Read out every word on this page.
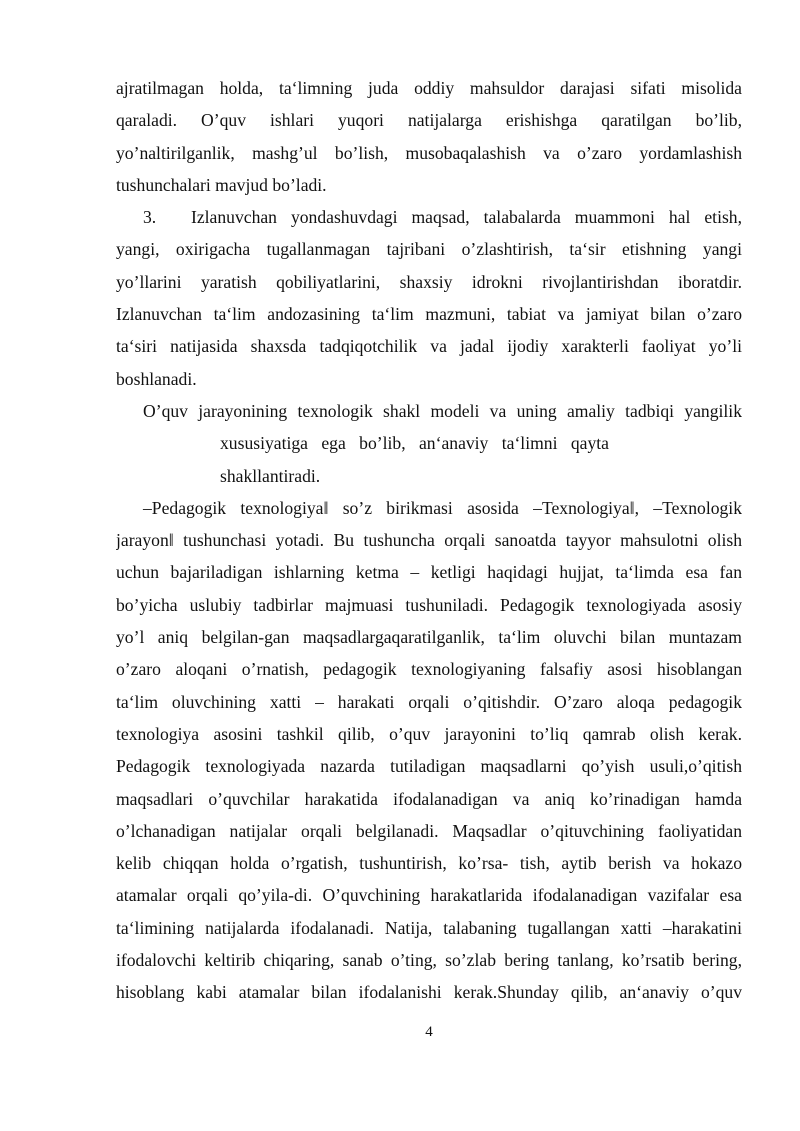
ajratilmagan holda, ta‘limning juda oddiy mahsuldor darajasi sifati misolida
qaraladi. O’quv ishlari yuqori natijalarga erishishga qaratilgan bo’lib,
yo’naltirilganlik, mashg’ul bo’lish, musobaqalashish va o’zaro yordamlashish
tushunchalari mavjud bo’ladi.
3. Izlanuvchan yondashuvdagi maqsad, talabalarda muammoni hal etish,
yangi, oxirigacha tugallanmagan tajribani o’zlashtirish, ta‘sir etishning yangi
yo’llarini yaratish qobiliyatlarini, shaxsiy idrokni rivojlantirishdan iboratdir.
Izlanuvchan ta‘lim andozasining ta‘lim mazmuni, tabiat va jamiyat bilan o’zaro
ta‘siri natijasida shaxsda tadqiqotchilik va jadal ijodiy xarakterli faoliyat yo’li
boshlanadi.
O’quv jarayonining texnologik shakl modeli va uning amaliy tadbiqi yangilik
xususiyatiga ega bo’lib, an‘anaviy ta‘limni qayta
shakllantiradi.
–Pedagogik texnologiya‖ so’z birikmasi asosida –Texnologiya‖, –Texnologik
jarayon‖ tushunchasi yotadi. Bu tushuncha orqali sanoatda tayyor mahsulotni olish
uchun bajariladigan ishlarning ketma – ketligi haqidagi hujjat, ta‘limda esa fan
bo’yicha uslubiy tadbirlar majmuasi tushuniladi. Pedagogik texnologiyada asosiy
yo’l aniq belgilan-gan maqsadlargaqaratilganlik, ta‘lim oluvchi bilan muntazam
o’zaro aloqani o’rnatish, pedagogik texnologiyaning falsafiy asosi hisoblangan
ta‘lim oluvchining xatti – harakati orqali o’qitishdir. O’zaro aloqa pedagogik
texnologiya asosini tashkil qilib, o’quv jarayonini to’liq qamrab olish kerak.
Pedagogik texnologiyada nazarda tutiladigan maqsadlarni qo’yish usuli,o’qitish
maqsadlari o’quvchilar harakatida ifodalanadigan va aniq ko’rinadigan hamda
o’lchanadigan natijalar orqali belgilanadi. Maqsadlar o’qituvchining faoliyatidan
kelib chiqqan holda o’rgatish, tushuntirish, ko’rsa- tish, aytib berish va hokazo
atamalar orqali qo’yila-di. O’quvchining harakatlarida ifodalanadigan vazifalar esa
ta‘limining natijalarda ifodalanadi. Natija, talabaning tugallangan xatti –harakatini
ifodalovchi keltirib chiqaring, sanab o’ting, so’zlab bering tanlang, ko’rsatib bering,
hisoblang kabi atamalar bilan ifodalanishi kerak.Shunday qilib, an‘anaviy o’quv
4
